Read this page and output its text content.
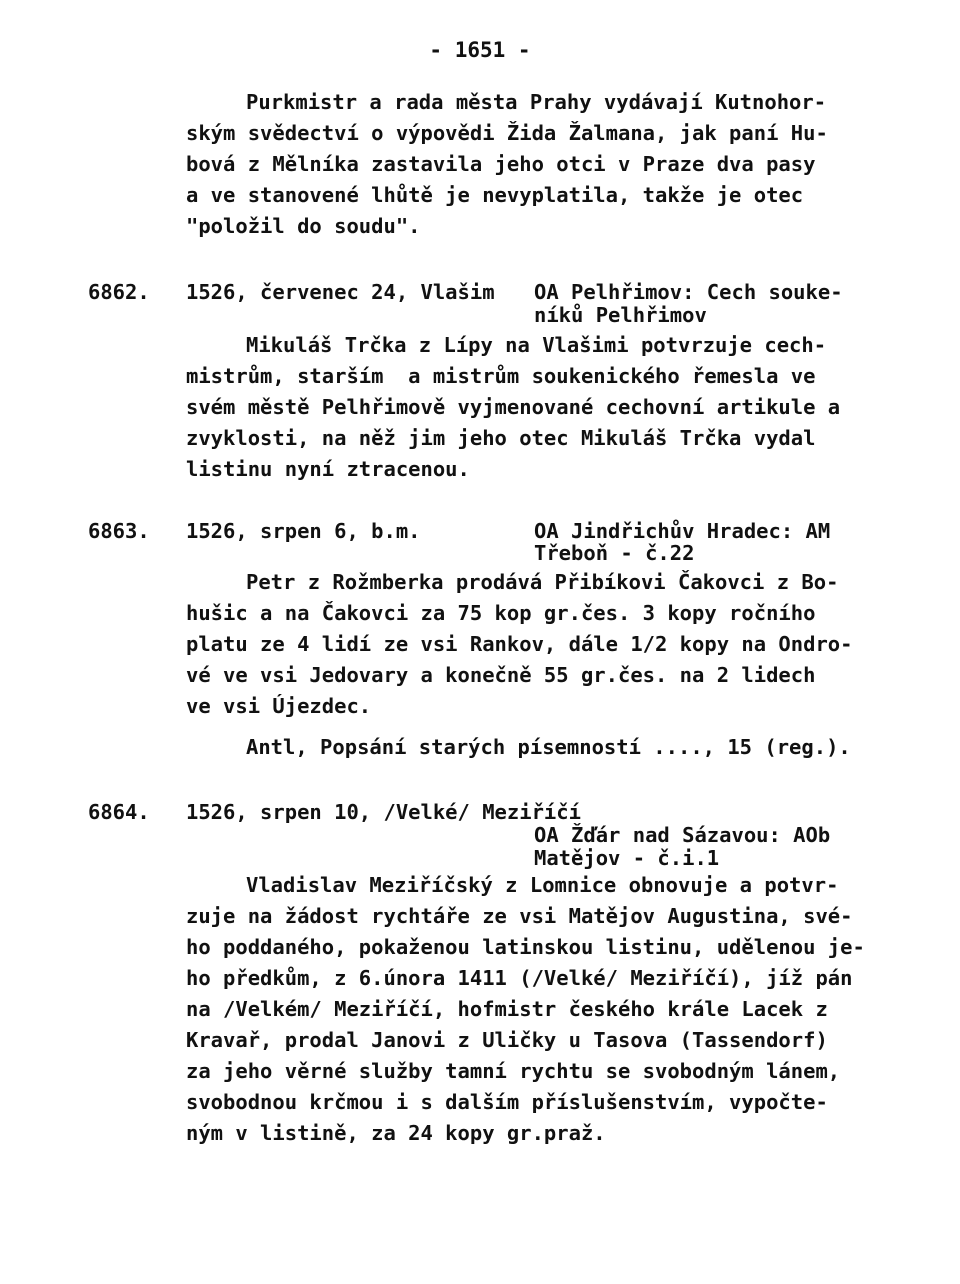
- 1651 -
Purkmistr a rada města Prahy vydávají Kutnohor-
ským svědectví o výpovědi Žida Žalmana, jak paní Hu-
bová z Mělníka zastavila jeho otci v Praze dva pasy
a ve stanovené lhůtě je nevyplatila, takže je otec
"položil do soudu".
6862. 1526, červenec 24, Vlašim OA Pelhřimov: Cech souke-
níků Pelhřimov
Mikuláš Trčka z Lípy na Vlašimi potvrzuje cech-
mistrům, starším  a mistrům soukenického řemesla ve
svém městě Pelhřimově vyjmenované cechovní artikule a
zvyklosti, na něž jim jeho otec Mikuláš Trčka vydal
listinu nyní ztracenou.
6863. 1526, srpen 6, b.m.	OA Jindřichův Hradec: AM
Třeboň - č.22
Petr z Rožmberka prodává Přibíkovi Čakovci z Bo-
hušic a na Čakovci za 75 kop gr.čes. 3 kopy ročního
platu ze 4 lidí ze vsi Rankov, dále 1/2 kopy na Ondro-
vé ve vsi Jedovary a konečně 55 gr.čes. na 2 lidech
ve vsi Újezdec.
Antl, Popsání starých písemností ...., 15 (reg.).
6864. 1526, srpen 10, /Velké/ Meziříčí
OA Žďár nad Sázavou: AOb
Matějov - č.i.1
Vladislav Meziříčský z Lomnice obnovuje a potvr-
zuje na žádost rychtáře ze vsi Matějov Augustina, své-
ho poddaného, pokaženou latinskou listinu, udělenou je-
ho předkům, z 6.února 1411 (/Velké/ Meziříčí), jíž pán
na /Velkém/ Meziříčí, hofmistr českého krále Lacek z
Kravař, prodal Janovi z Uličky u Tasova (Tassendorf)
za jeho věrné služby tamní rychtu se svobodným lánem,
svobodnou krčmou i s dalším příslušenstvím, vypočte-
ným v listině, za 24 kopy gr.praž.
